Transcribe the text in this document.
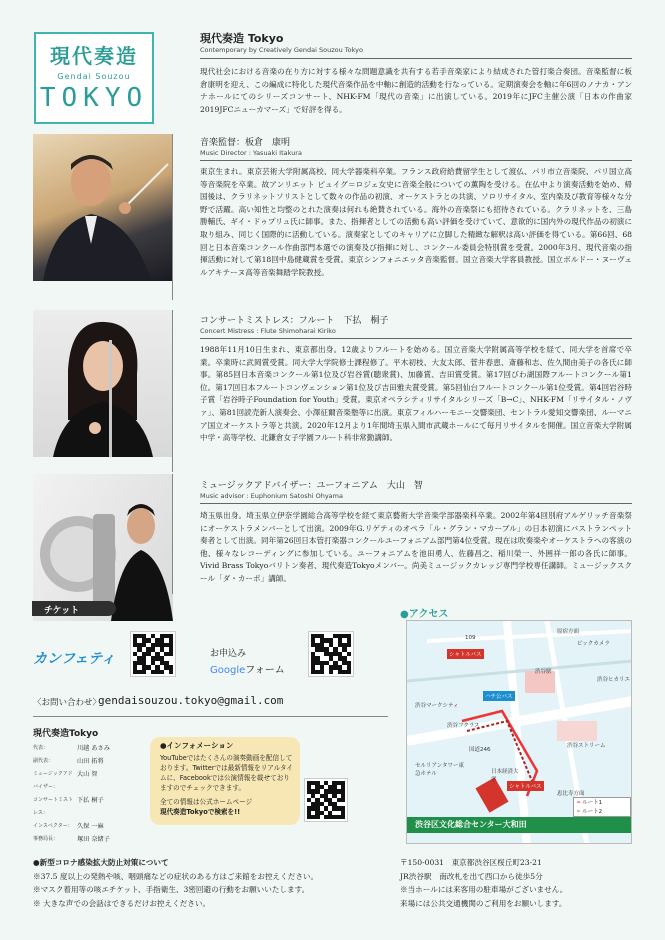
現代奏造
Gendai Souzou
TOKYO
現代奏造 Tokyo
Contemporary by Creatively Gendai Souzou Tokyo
現代社会における音楽の在り方に対する様々な問題意識を共有する若手音楽家により結成された管打楽合奏団。音楽監督に板倉康明を迎え、この編成に特化した現代音楽作品を中軸に創造的活動を行なっている。定期演奏会を軸に年6回のノナカ・アンナホールにてのシリーズコンサート、NHK-FM「現代の音楽」に出演している。2019年にJFC主催公演「日本の作曲家2019JFCニューカマーズ」で好評を得る。
音楽監督：板倉　康明
Music Director : Yasuaki Itakura
東京生まれ。東京芸術大学附属高校、同大学器楽科卒業。フランス政府給費留学生として渡仏、パリ市立音楽院、パリ国立高等音楽院を卒業。故アンリエット ピュイグ＝ロジェ女史に音楽全般についての薫陶を受ける。在仏中より演奏活動を始め、帰国後は、クラリネットソリストとして数々の作品の初演、オーケストラとの共演、ソロリサイタル、室内楽及び教育等様々な分野で活躍。高い知性と均整のとれた演奏は何れも絶賛されている。海外の音楽祭にも招待されている。クラリネットを、三島勝輔氏、ギイ・ドゥプリュ氏に師事。また、指揮者としての活動も高い評価を受けていて、意欲的に国内外の現代作品の初演に取り組み、同じく国際的に活動している。演奏家としてのキャリアに立脚した精緻な解釈は高い評価を得ている。第66回、68回と日本音楽コンクール作曲部門本選での演奏及び指揮に対し、コンクール委員会特別賞を受賞。2000年3月、現代音楽の指揮活動に対して第18回中島健蔵賞を受賞。東京シンフォニエッタ音楽監督。国立音楽大学客員教授。国立ボルドー・ヌーヴェルアキテーヌ高等音楽舞踏学院教授。
コンサートミストレス：フルート　下払　桐子
Concert Mistress : Flute Shimoharai Kiriko
1988年11月10日生まれ、東京都出身。12歳よりフルートを始める。国立音楽大学附属高等学校を経て、同大学を首席で卒業。卒業時に武岡賞受賞。同大学大学院修士課程修了。平木初枝、大友太郎、菅井春恵、斎藤和志、佐久間由美子の各氏に師事。第85回日本音楽コンクール第1位及び岩谷賞(聴衆賞)、加藤賞、吉田賞受賞。第17回びわ湖国際フルートコンクール第1位。第17回日本フルートコンヴェンション第1位及び吉田雅夫賞受賞。第5回仙台フルートコンクール第1位受賞。第4回岩谷時子賞「岩谷時子Foundation for Youth」受賞。東京オペラシティリサイタルシリーズ「B→C」、NHK-FM「リサイタル・ノヴァ」、第81回読売新人演奏会、小澤征爾音楽塾等に出演。東京フィルハーモニー交響楽団、セントラル愛知交響楽団、ルーマニア国立オーケストラ等と共演。2020年12月より1年間埼玉県入間市武蔵ホールにて毎月リサイタルを開催。国立音楽大学附属中学・高等学校、北鎌倉女子学園フルート科非常勤講師。
ミュージックアドバイザー：ユーフォニアム　大山　智
Music advisor : Euphonium Satoshi Ohyama
埼玉県出身。埼玉県立伊奈学園総合高等学校を経て東京藝術大学音楽学部器楽科卒業。2002年第4回別府アルゲリッチ音楽祭にオーケストラメンバーとして出演。2009年G.リゲティのオペラ「ル・グラン・マカーブル」の日本初演にバストランペット奏者として出演。同年第26回日本管打楽器コンクールユーフォニアム部門第4位受賞。現在は吹奏楽やオーケストラへの客演の他、様々なレコーディングに参加している。ユーフォニアムを池田勇人、佐藤昌之、稲川榮一、外囲祥一郎の各氏に師事。Vivid Brass Tokyoバリトン奏者、現代奏造Tokyoメンバー。尚美ミュージックカレッジ専門学校専任講師。ミュージックスクール「ダ・カーポ」講師。
チケット
カンフェティ	お申込み
Googleフォーム
〈お問い合わせ〉
gendaisouzou.tokyo@gmail.com
現代奏造Tokyo
代表：	川越 あさみ
副代表：	山田 拓将
ミュージックアドバイザー：
大山 智
コンサートミストレス：
下払 桐子
インスペクター： 久保 一麻
事務局長：	塚田 奈緒子
●インフォメーション
YouTubeではたくさんの演奏動画を配信しております。Twitterでは最新情報をリアルタイムに、Facebookでは公演情報を載せておりますのでチェックできます。
全ての情報は公式ホームページ
現代奏造Tokyoで検索を!!
●アクセス
原宿方面
ビックカメラ
109
渋谷駅
渋谷マークシティ
渋谷ヒカリエ
渋谷ストリーム
渋谷フクラス
国道246
セルリアンタワー東急ホテル	日本経済大学
恵比寿方面
シャトルバス
シャトルバス
ハチ公バス
━ ルート1
┅ ルート2
渋谷区文化総合センター大和田
●新型コロナ感染拡大防止対策について
※37.5 度以上の発熱や咳、咽頭痛などの症状のある方はご来館をお控えください。
※マスク着用等の咳エチケット、手指衛生、3密回避の行動をお願いいたします。
※ 大きな声での会話はできるだけお控えください。
〒150-0031　東京都渋谷区桜丘町23-21
JR渋谷駅　南改札を出て西口から徒歩5分
※当ホールには来客用の駐車場がございません。
来場には公共交通機関のご利用をお願いします。
